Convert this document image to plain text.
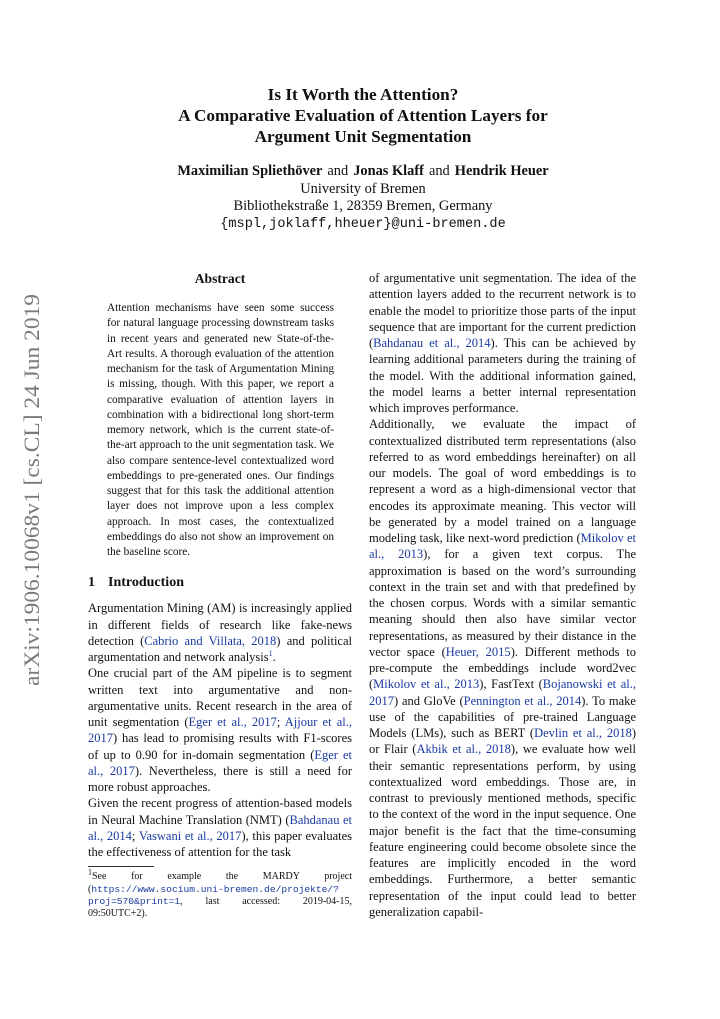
arXiv:1906.10068v1 [cs.CL] 24 Jun 2019
Is It Worth the Attention?
A Comparative Evaluation of Attention Layers for
Argument Unit Segmentation
Maximilian Spliethöver and Jonas Klaff and Hendrik Heuer
University of Bremen
Bibliothekstraße 1, 28359 Bremen, Germany
{mspl,joklaff,hheuer}@uni-bremen.de
Abstract
Attention mechanisms have seen some success for natural language processing downstream tasks in recent years and generated new State-of-the-Art results. A thorough evaluation of the attention mechanism for the task of Argumentation Mining is missing, though. With this paper, we report a comparative evaluation of attention layers in combination with a bidirectional long short-term memory network, which is the current state-of-the-art approach to the unit segmentation task. We also compare sentence-level contextualized word embeddings to pre-generated ones. Our findings suggest that for this task the additional attention layer does not improve upon a less complex approach. In most cases, the contextualized embeddings do also not show an improvement on the baseline score.
1 Introduction

Argumentation Mining (AM) is increasingly applied in different fields of research like fake-news detection (Cabrio and Villata, 2018) and political argumentation and network analysis$^1$.

One crucial part of the AM pipeline is to segment written text into argumentative and non-argumentative units. Recent research in the area of unit segmentation (Eger et al., 2017; Ajjour et al., 2017) has lead to promising results with F1-scores of up to 0.90 for in-domain segmentation (Eger et al., 2017). Nevertheless, there is still a need for more robust approaches.

Given the recent progress of attention-based models in Neural Machine Translation (NMT) (Bahdanau et al., 2014; Vaswani et al., 2017), this paper evaluates the effectiveness of attention for the task

$^1$See for example the MARDY project (https://www.socium.uni-bremen.de/projekte/?proj=570&print=1, last accessed: 2019-04-15, 09:50UTC+2).

of argumentative unit segmentation. The idea of the attention layers added to the recurrent network is to enable the model to prioritize those parts of the input sequence that are important for the current prediction (Bahdanau et al., 2014). This can be achieved by learning additional parameters during the training of the model. With the additional information gained, the model learns a better internal representation which improves performance.

Additionally, we evaluate the impact of contextualized distributed term representations (also referred to as word embeddings hereinafter) on all our models. The goal of word embeddings is to represent a word as a high-dimensional vector that encodes its approximate meaning. This vector will be generated by a model trained on a language modeling task, like next-word prediction (Mikolov et al., 2013), for a given text corpus. The approximation is based on the word’s surrounding context in the train set and with that predefined by the chosen corpus. Words with a similar semantic meaning should then also have similar vector representations, as measured by their distance in the vector space (Heuer, 2015). Different methods to pre-compute the embeddings include word2vec (Mikolov et al., 2013), FastText (Bojanowski et al., 2017) and GloVe (Pennington et al., 2014). To make use of the capabilities of pre-trained Language Models (LMs), such as BERT (Devlin et al., 2018) or Flair (Akbik et al., 2018), we evaluate how well their semantic representations perform, by using contextualized word embeddings. Those are, in contrast to previously mentioned methods, specific to the context of the word in the input sequence. One major benefit is the fact that the time-consuming feature engineering could become obsolete since the features are implicitly encoded in the word embeddings. Furthermore, a better semantic representation of the input could lead to better generalization capabil-
